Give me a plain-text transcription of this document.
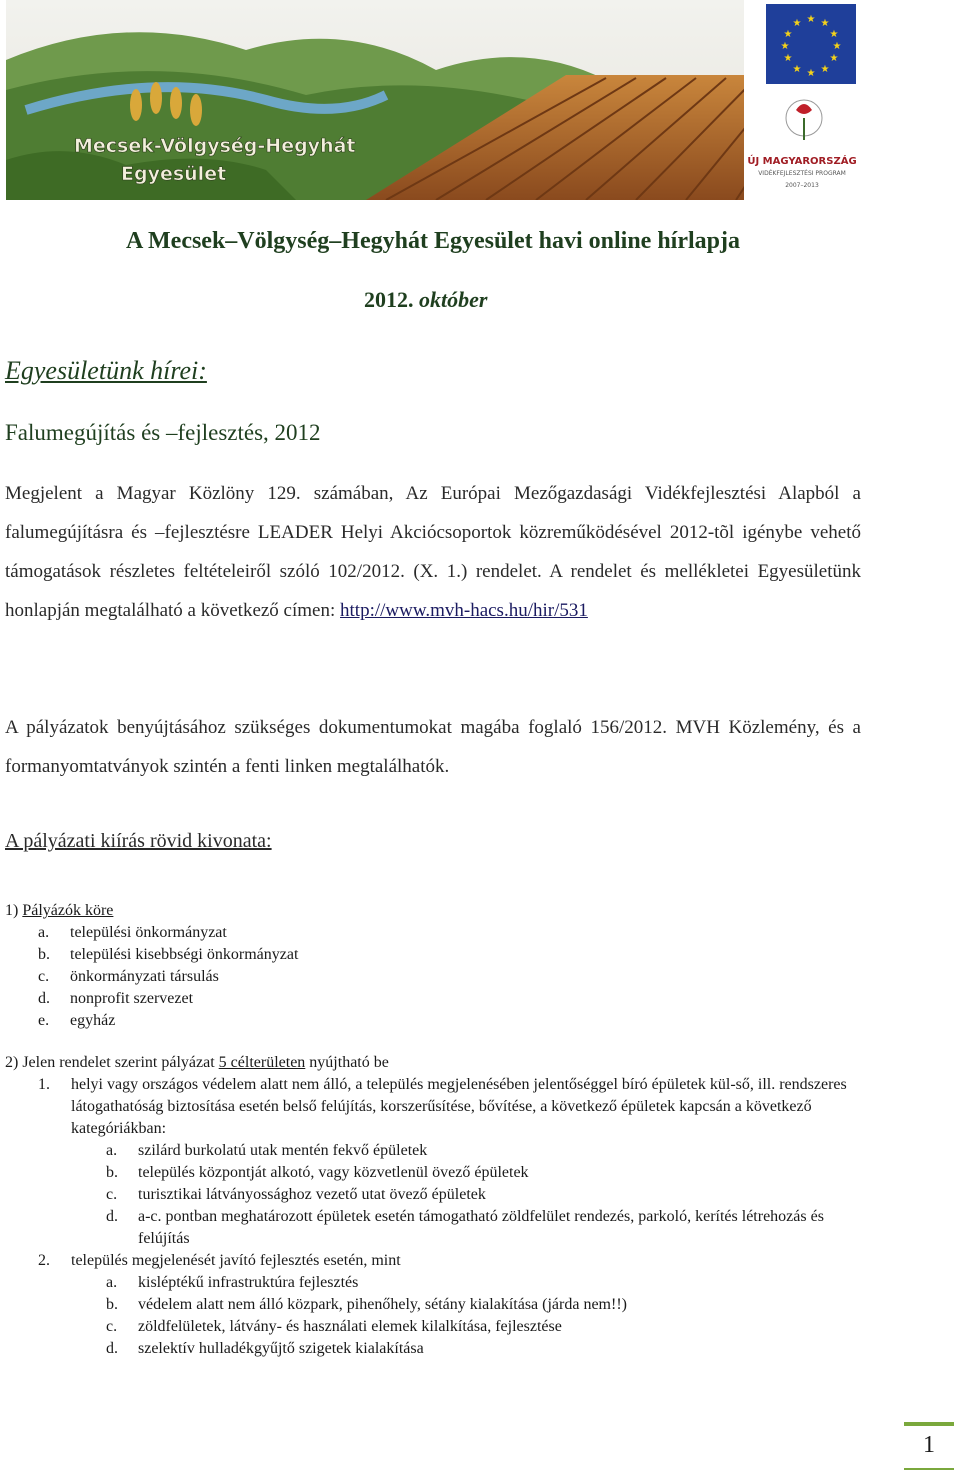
Mecsek-Völgység-Hegyhát
Egyesület
★ ★
★
★
★
★
★
★
★
★
★
★
ÚJ MAGYARORSZÁG
VIDÉKFEJLESZTÉSI PROGRAM
2007–2013
A Mecsek–Völgység–Hegyhát Egyesület havi online hírlapja
2012. október
Egyesületünk hírei:
Falumegújítás és –fejlesztés, 2012

Megjelent a Magyar Közlöny 129. számában, Az Európai Mezőgazdasági Vidékfejlesztési Alapból a falumegújításra és –fejlesztésre LEADER Helyi Akciócsoportok közreműködésével 2012-tõl igénybe vehető támogatások részletes feltételeiről szóló 102/2012. (X. 1.) rendelet. A rendelet és mellékletei Egyesületünk honlapján megtalálható a következő címen: http://www.mvh-hacs.hu/hir/531

A pályázatok benyújtásához szükséges dokumentumokat magába foglaló 156/2012. MVH Közlemény, és a formanyomtatványok szintén a fenti linken megtalálhatók.

A pályázati kiírás rövid kivonata:

1) Pályázók köre
a. települési önkormányzat
b. települési kisebbségi önkormányzat
c. önkormányzati társulás
d. nonprofit szervezet
e. egyház
2) Jelen rendelet szerint pályázat 5 célterületen nyújtható be
1. helyi vagy országos védelem alatt nem álló, a település megjelenésében jelentőséggel bíró épületek kül-ső, ill. rendszeres látogathatóság biztosítása esetén belső felújítás, korszerűsítése, bővítése, a következő épületek kapcsán a következő kategóriákban:
a. szilárd burkolatú utak mentén fekvő épületek
b. település központját alkotó, vagy közvetlenül övező épületek
c. turisztikai látványossághoz vezető utat övező épületek
d. a-c. pontban meghatározott épületek esetén támogatható zöldfelület rendezés, parkoló, kerítés létrehozás és felújítás
2. település megjelenését javító fejlesztés esetén, mint
a. kisléptékű infrastruktúra fejlesztés
b. védelem alatt nem álló közpark, pihenőhely, sétány kialakítása (járda nem!!)
c. zöldfelületek, látvány- és használati elemek kilalkítása, fejlesztése
d. szelektív hulladékgyűjtő szigetek kialakítása
1
